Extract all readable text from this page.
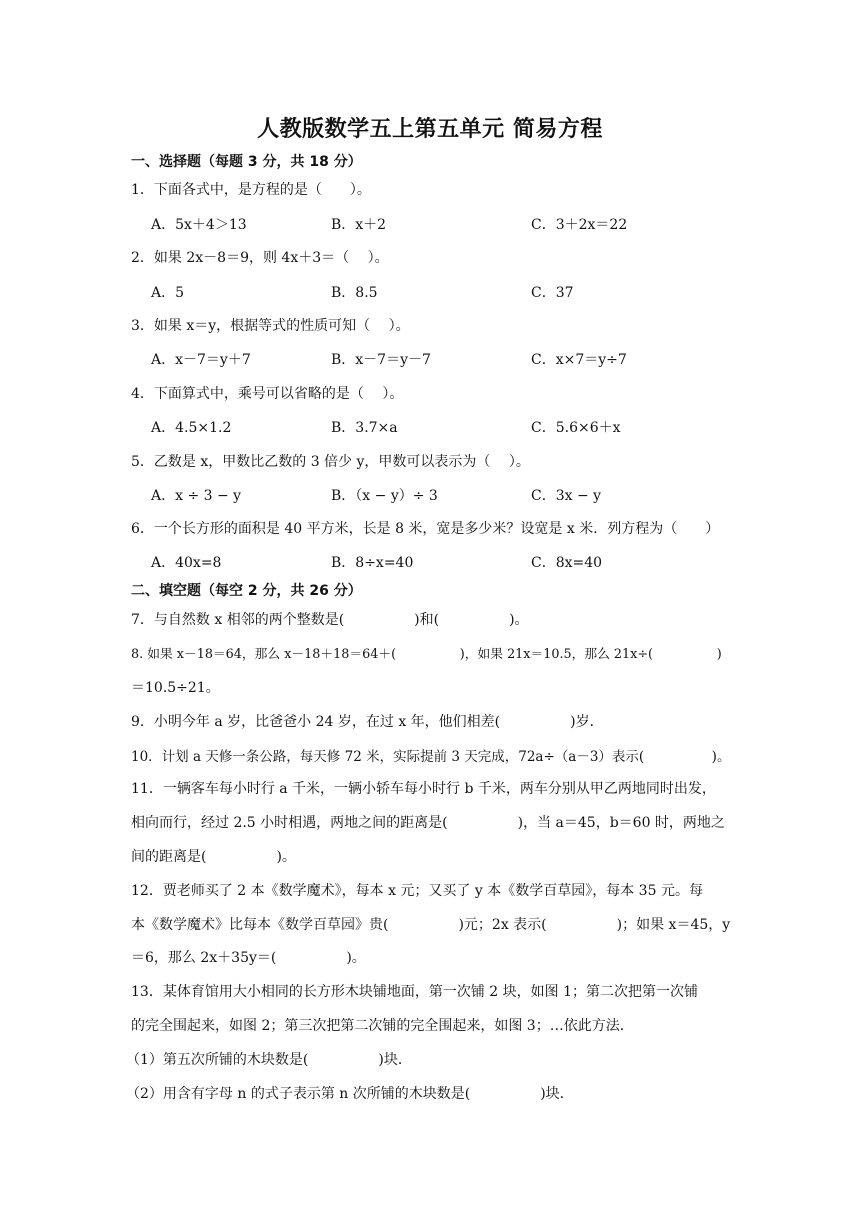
人教版数学五上第五单元 简易方程
一、选择题（每题 3 分，共 18 分）
1．下面各式中，是方程的是（　　）。
A．5x＋4＞13	B．x＋2	C．3＋2x＝22
2．如果 2x－8＝9，则 4x＋3＝（　 ）。
A．5	B．8.5	C．37
3．如果 x＝y，根据等式的性质可知（　 ）。
A．x－7＝y＋7	B．x－7＝y－7	C．x×7＝y÷7
4．下面算式中，乘号可以省略的是（　 ）。
A．4.5×1.2	B．3.7×a	C．5.6×6＋x
5．乙数是 x，甲数比乙数的 3 倍少 y，甲数可以表示为（　 ）。
A．x ÷ 3 − y	B．（x − y）÷ 3	C．3x − y
6．一个长方形的面积是 40 平方米，长是 8 米，宽是多少米？设宽是 x 米．列方程为（　　）
A．40x=8	B．8÷x=40	C．8x=40
二、填空题（每空 2 分，共 26 分）
7．与自然数 x 相邻的两个整数是(　　　　　)和(　　　　　)。
8. 如果 x－18＝64，那么 x－18＋18＝64＋(　　　　　)，如果 21x＝10.5，那么 21x÷(　　　　　)
＝10.5÷21。
9．小明今年 a 岁，比爸爸小 24 岁，在过 x 年，他们相差(　　　　　)岁．
10．计划 a 天修一条公路，每天修 72 米，实际提前 3 天完成，72a÷（a－3）表示(　　　　　)。
11．一辆客车每小时行 a 千米，一辆小轿车每小时行 b 千米，两车分别从甲乙两地同时出发，
相向而行，经过 2.5 小时相遇，两地之间的距离是(　　　　　)，当 a＝45，b＝60 时，两地之
间的距离是(　　　　　)。
12．贾老师买了 2 本《数学魔术》，每本 x 元；又买了 y 本《数学百草园》，每本 35 元。每
本《数学魔术》比每本《数学百草园》贵(　　　　　)元；2x 表示(　　　　　)；如果 x＝45，y
＝6，那么 2x＋35y＝(　　　　　)。
13．某体育馆用大小相同的长方形木块铺地面，第一次铺 2 块，如图 1；第二次把第一次铺
的完全围起来，如图 2；第三次把第二次铺的完全围起来，如图 3；…依此方法．
（1）第五次所铺的木块数是(　　　　　)块．
（2）用含有字母 n 的式子表示第 n 次所铺的木块数是(　　　　　)块．
